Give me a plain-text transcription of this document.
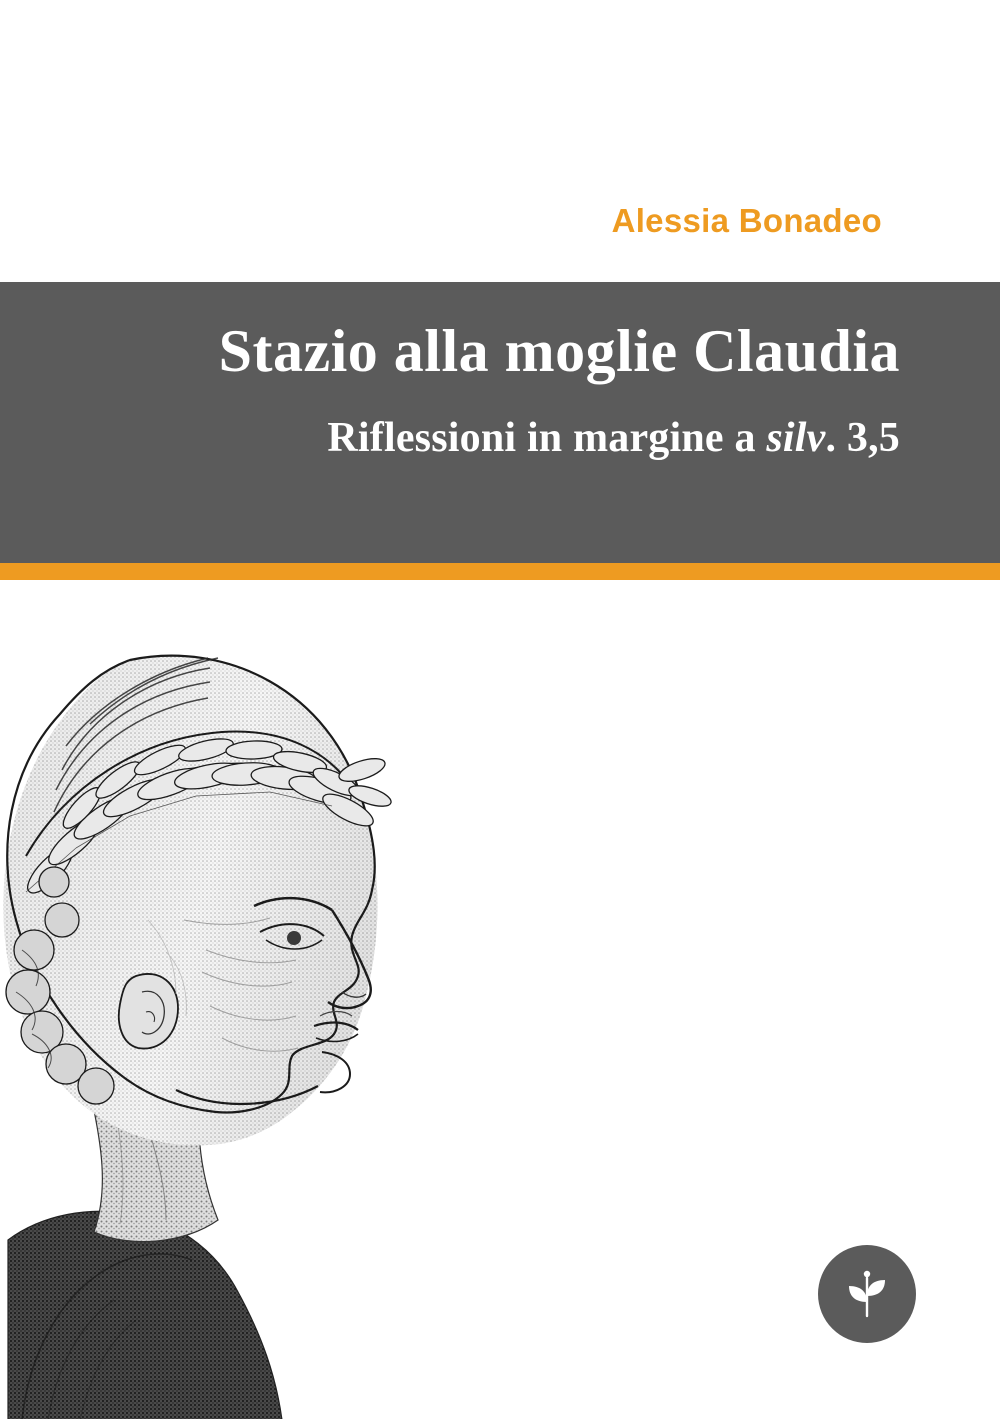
Alessia Bonadeo
Stazio alla moglie Claudia
Riflessioni in margine a silv. 3,5
